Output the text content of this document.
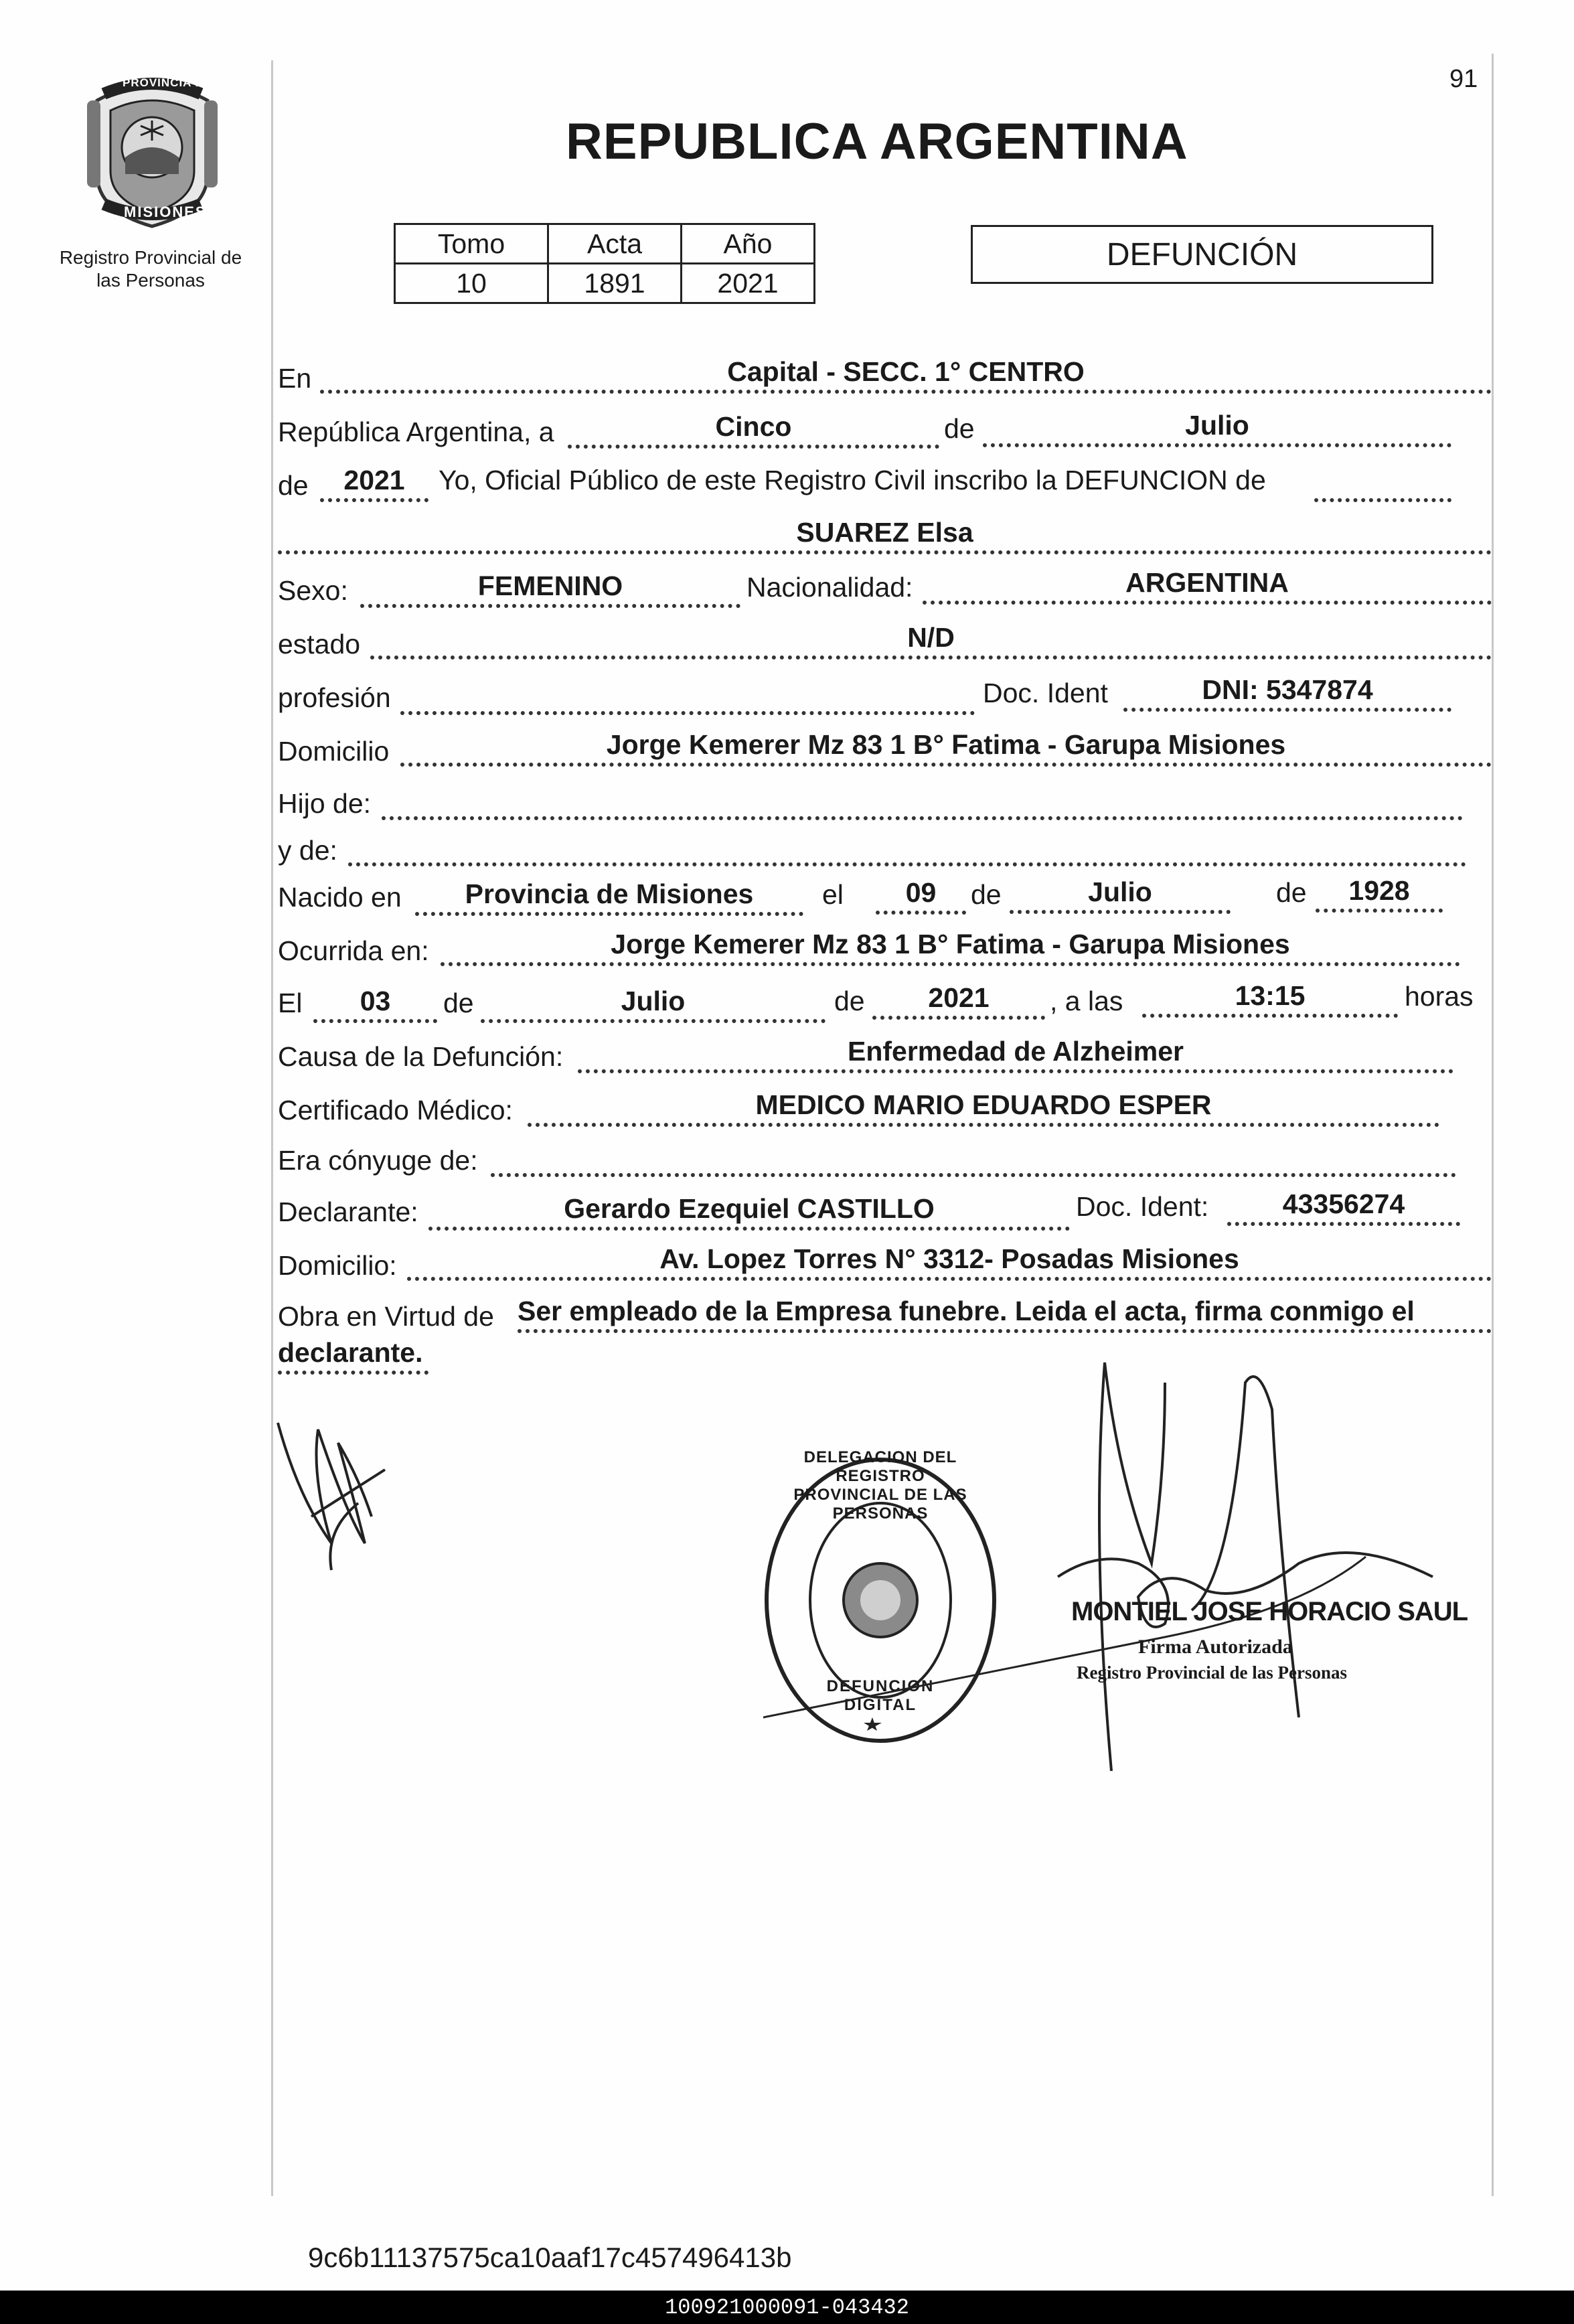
91
PROVINCIA DE
MISIONES
Registro Provincial de
las Personas
REPUBLICA ARGENTINA
Tomo	Acta	Año
10	1891	2021
DEFUNCIÓN
En	Capital - SECC. 1° CENTRO
República Argentina, a	Cinco	de	Julio
de 2021 Yo, Oficial Público de este Registro Civil inscribo la DEFUNCION de
SUAREZ Elsa
Sexo:	FEMENINO	Nacionalidad:	ARGENTINA
estado	N/D
profesión	Doc. Ident	DNI: 5347874
Domicilio	Jorge Kemerer Mz 83 1 B° Fatima - Garupa Misiones
Hijo de:
y de:
Nacido en Provincia de Misiones	el 09 de	Julio	de 1928
Ocurrida en:	Jorge Kemerer Mz 83 1 B° Fatima - Garupa Misiones
El 03 de	Julio	de 2021 , a las	13:15	horas
Causa de la Defunción:	Enfermedad de Alzheimer
Certificado Médico:	MEDICO MARIO EDUARDO ESPER
Era cónyuge de:
Declarante:	Gerardo Ezequiel CASTILLO	Doc. Ident:	43356274
Domicilio:	Av. Lopez Torres N° 3312- Posadas Misiones
Obra en Virtud de Ser empleado de la Empresa funebre. Leida el acta, firma conmigo el
declarante.
DELEGACION DEL REGISTRO PROVINCIAL DE LAS PERSONAS
DEFUNCION DIGITAL
MONTIEL JOSE HORACIO SAUL
Firma Autorizada
Registro Provincial de las Personas
9c6b11137575ca10aaf17c457496413b
100921000091-043432
